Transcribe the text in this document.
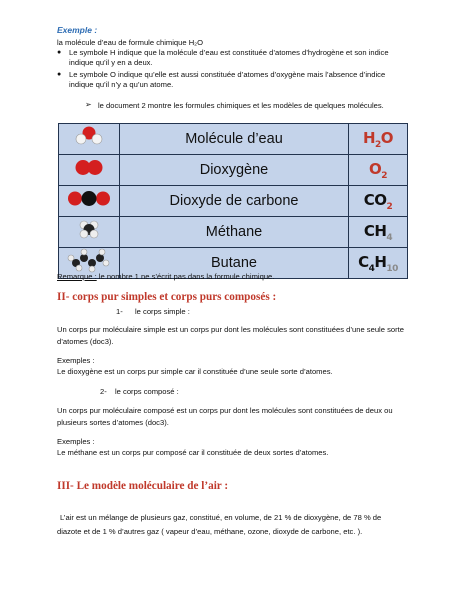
Exemple :
la molécule d’eau de formule chimique H₂O
● Le symbole H indique que la molécule d’eau est constituée d’atomes d’hydrogène et son indice
indique qu’il y en a deux.
● Le symbole O indique qu’elle est aussi constituée d’atomes d’oxygène mais l’absence d’indice
indique qu’il n’y a qu’un atome.
➢ le document 2 montre les formules chimiques et les modèles de quelques molécules.
	Molécule d’eau	$H_2O$
	Dioxygène	$O_2$
	Dioxyde de carbone	$CO_2$
	Méthane	$CH_4$
	Butane	$C_4H_{10}$
Remarque : le nombre 1 ne s’écrit pas dans la formule chimique.
II- corps pur simples et corps purs composés :
1- le corps simple :
Un corps pur moléculaire simple est un corps pur dont les molécules sont constituées d’une seule sorte d’atomes (doc3).
Exemples :
Le dioxygène est un corps pur simple car il constituée d’une seule sorte d’atomes.
2- le corps composé :
Un corps pur moléculaire composé est un corps pur dont les molécules sont constituées de deux ou plusieurs sortes d’atomes (doc3).
Exemples :
Le méthane est un corps pur composé car il constituée de deux sortes d’atomes.
III- Le modèle moléculaire de l’air :
L’air est un mélange de plusieurs gaz, constitué, en volume, de 21 % de dioxygène, de 78 % de
diazote et de 1 % d’autres gaz ( vapeur d’eau, méthane, ozone, dioxyde de carbone, etc. ).
